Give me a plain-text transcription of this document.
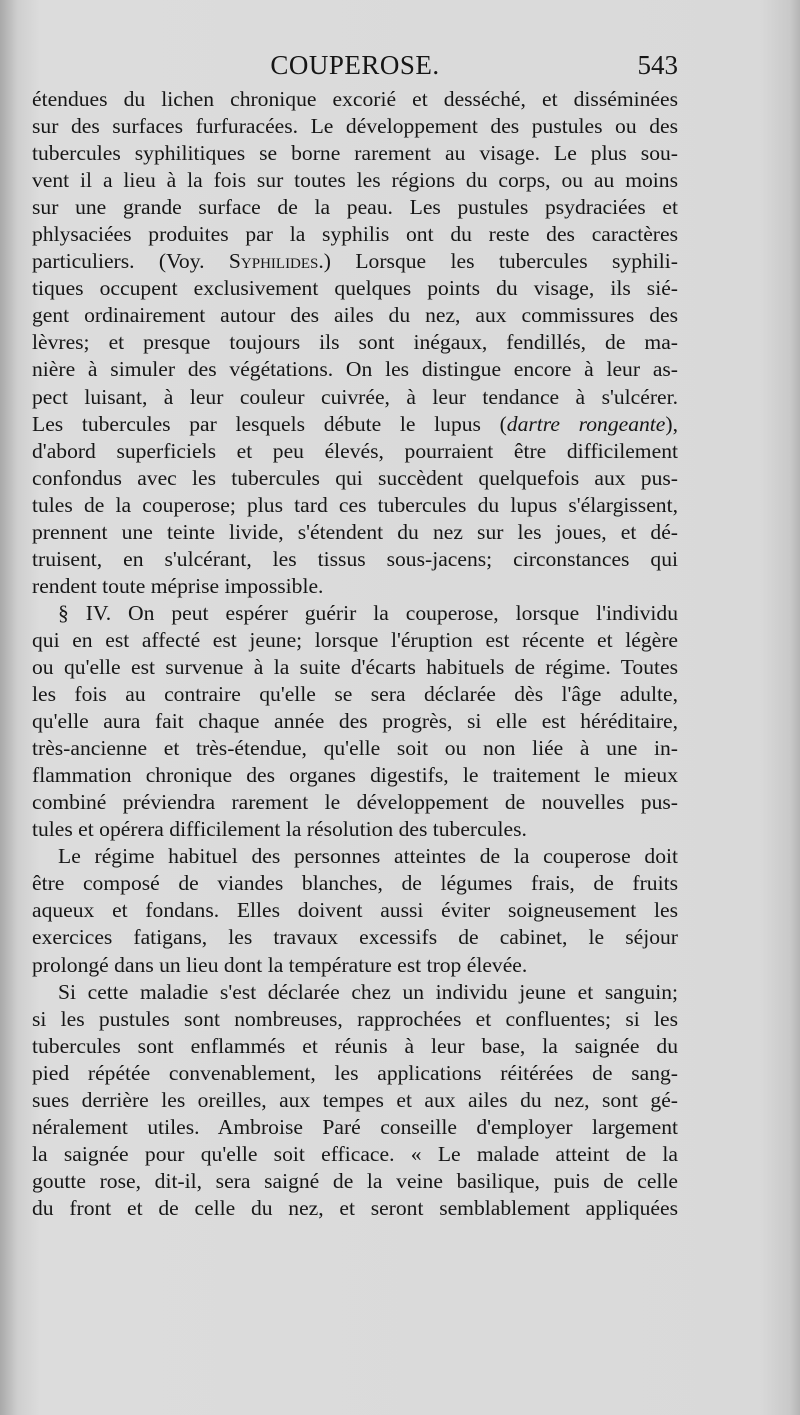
COUPEROSE.	543
étendues du lichen chronique excorié et desséché, et disséminées
sur des surfaces furfuracées. Le développement des pustules ou des
tubercules syphilitiques se borne rarement au visage. Le plus sou-
vent il a lieu à la fois sur toutes les régions du corps, ou au moins
sur une grande surface de la peau. Les pustules psydraciées et
phlysaciées produites par la syphilis ont du reste des caractères
particuliers. (Voy. Syphilides.) Lorsque les tubercules syphili-
tiques occupent exclusivement quelques points du visage, ils sié-
gent ordinairement autour des ailes du nez, aux commissures des
lèvres; et presque toujours ils sont inégaux, fendillés, de ma-
nière à simuler des végétations. On les distingue encore à leur as-
pect luisant, à leur couleur cuivrée, à leur tendance à s'ulcérer.
Les tubercules par lesquels débute le lupus (dartre rongeante),
d'abord superficiels et peu élevés, pourraient être difficilement
confondus avec les tubercules qui succèdent quelquefois aux pus-
tules de la couperose; plus tard ces tubercules du lupus s'élargissent,
prennent une teinte livide, s'étendent du nez sur les joues, et dé-
truisent, en s'ulcérant, les tissus sous-jacens; circonstances qui
rendent toute méprise impossible.
§ IV. On peut espérer guérir la couperose, lorsque l'individu
qui en est affecté est jeune; lorsque l'éruption est récente et légère
ou qu'elle est survenue à la suite d'écarts habituels de régime. Toutes
les fois au contraire qu'elle se sera déclarée dès l'âge adulte,
qu'elle aura fait chaque année des progrès, si elle est héréditaire,
très-ancienne et très-étendue, qu'elle soit ou non liée à une in-
flammation chronique des organes digestifs, le traitement le mieux
combiné préviendra rarement le développement de nouvelles pus-
tules et opérera difficilement la résolution des tubercules.
Le régime habituel des personnes atteintes de la couperose doit
être composé de viandes blanches, de légumes frais, de fruits
aqueux et fondans. Elles doivent aussi éviter soigneusement les
exercices fatigans, les travaux excessifs de cabinet, le séjour
prolongé dans un lieu dont la température est trop élevée.
Si cette maladie s'est déclarée chez un individu jeune et sanguin;
si les pustules sont nombreuses, rapprochées et confluentes; si les
tubercules sont enflammés et réunis à leur base, la saignée du
pied répétée convenablement, les applications réitérées de sang-
sues derrière les oreilles, aux tempes et aux ailes du nez, sont gé-
néralement utiles. Ambroise Paré conseille d'employer largement
la saignée pour qu'elle soit efficace. « Le malade atteint de la
goutte rose, dit-il, sera saigné de la veine basilique, puis de celle
du front et de celle du nez, et seront semblablement appliquées
